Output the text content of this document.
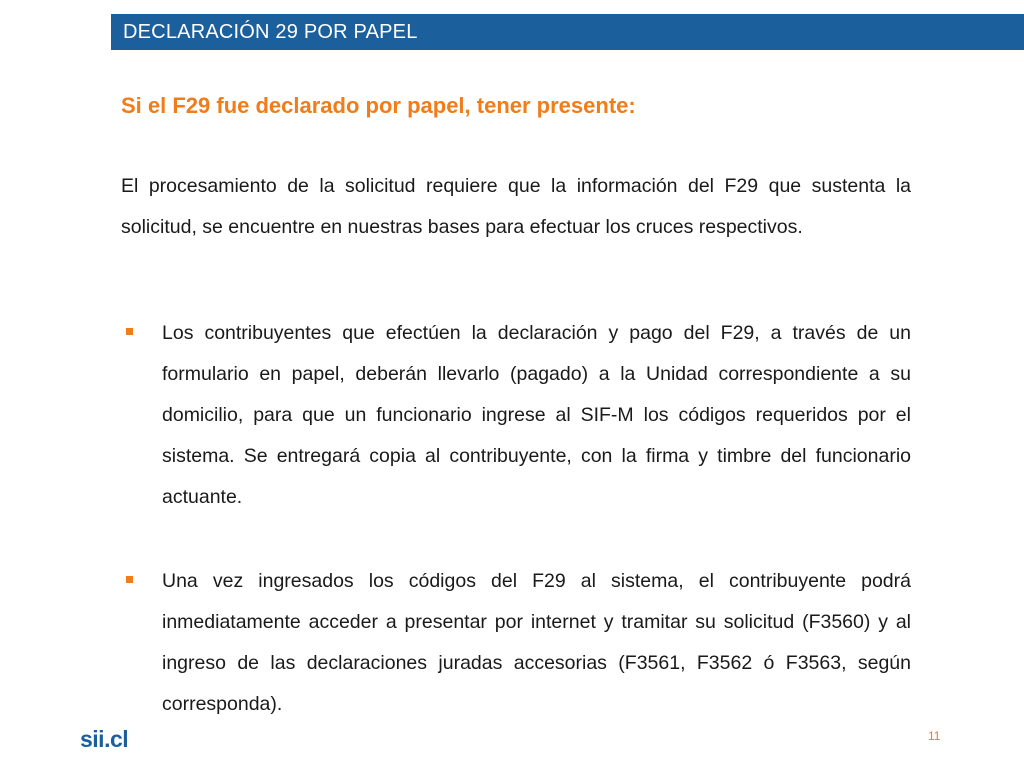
DECLARACIÓN 29 POR PAPEL
Si el F29 fue declarado por papel, tener presente:

El procesamiento de la solicitud requiere que la información del F29 que sustenta la solicitud, se encuentre en nuestras bases para efectuar los cruces respectivos.

Los contribuyentes que efectúen la declaración y pago del F29, a través de un formulario en papel, deberán llevarlo (pagado) a la Unidad correspondiente a su domicilio, para que un funcionario ingrese al SIF-M los códigos requeridos por el sistema. Se entregará copia al contribuyente, con la firma y timbre del funcionario actuante.
Una vez ingresados los códigos del F29 al sistema, el contribuyente podrá inmediatamente acceder a presentar por internet y tramitar su solicitud (F3560) y al ingreso de las declaraciones juradas accesorias (F3561, F3562 ó F3563, según corresponda).
sii.cl	11
